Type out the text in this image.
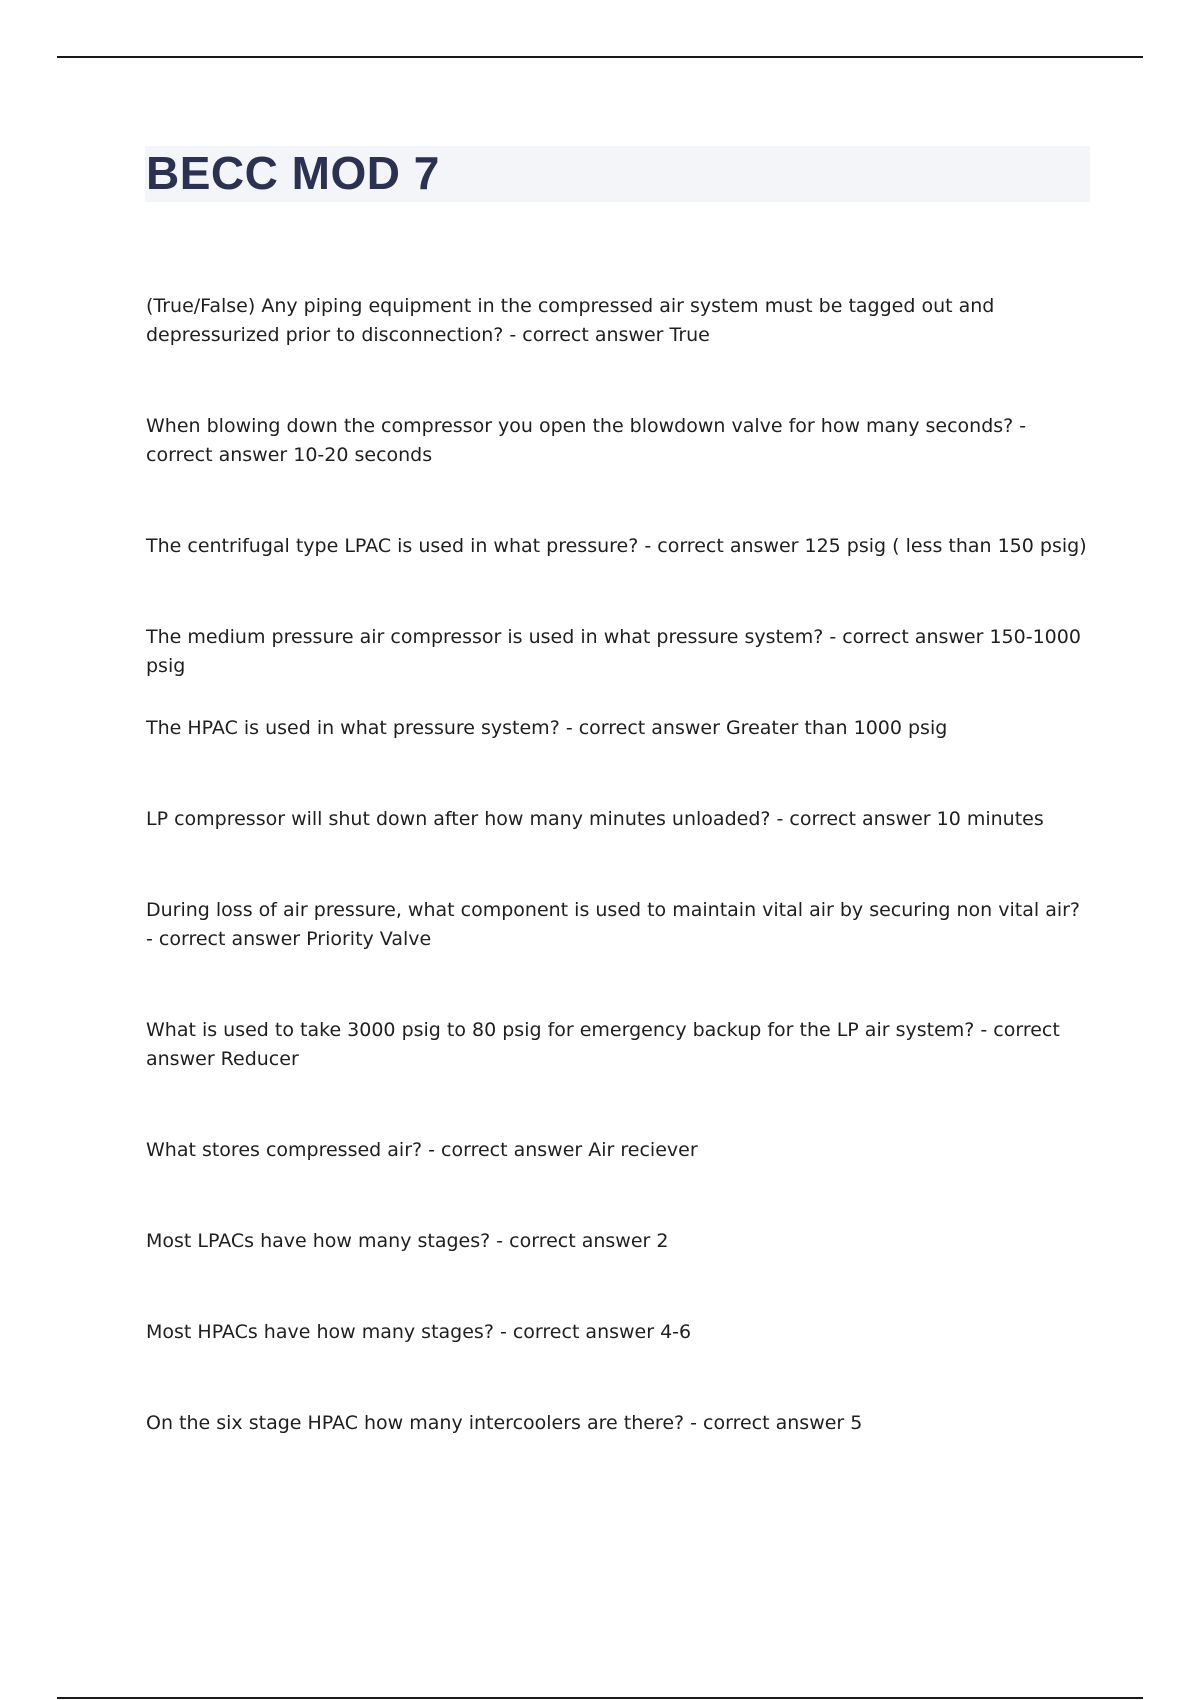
BECC MOD 7
(True/False) Any piping equipment in the compressed air system must be tagged out and depressurized prior to disconnection? - correct answer True
When blowing down the compressor you open the blowdown valve for how many seconds? - correct answer 10-20 seconds
The centrifugal type LPAC is used in what pressure? - correct answer 125 psig ( less than 150 psig)
The medium pressure air compressor is used in what pressure system? - correct answer 150-1000 psig
The HPAC is used in what pressure system? - correct answer Greater than 1000 psig
LP compressor will shut down after how many minutes unloaded? - correct answer 10 minutes
During loss of air pressure, what component is used to maintain vital air by securing non vital air? - correct answer Priority Valve
What is used to take 3000 psig to 80 psig for emergency backup for the LP air system? - correct answer Reducer
What stores compressed air? - correct answer Air reciever
Most LPACs have how many stages? - correct answer 2
Most HPACs have how many stages? - correct answer 4-6
On the six stage HPAC how many intercoolers are there? - correct answer 5
